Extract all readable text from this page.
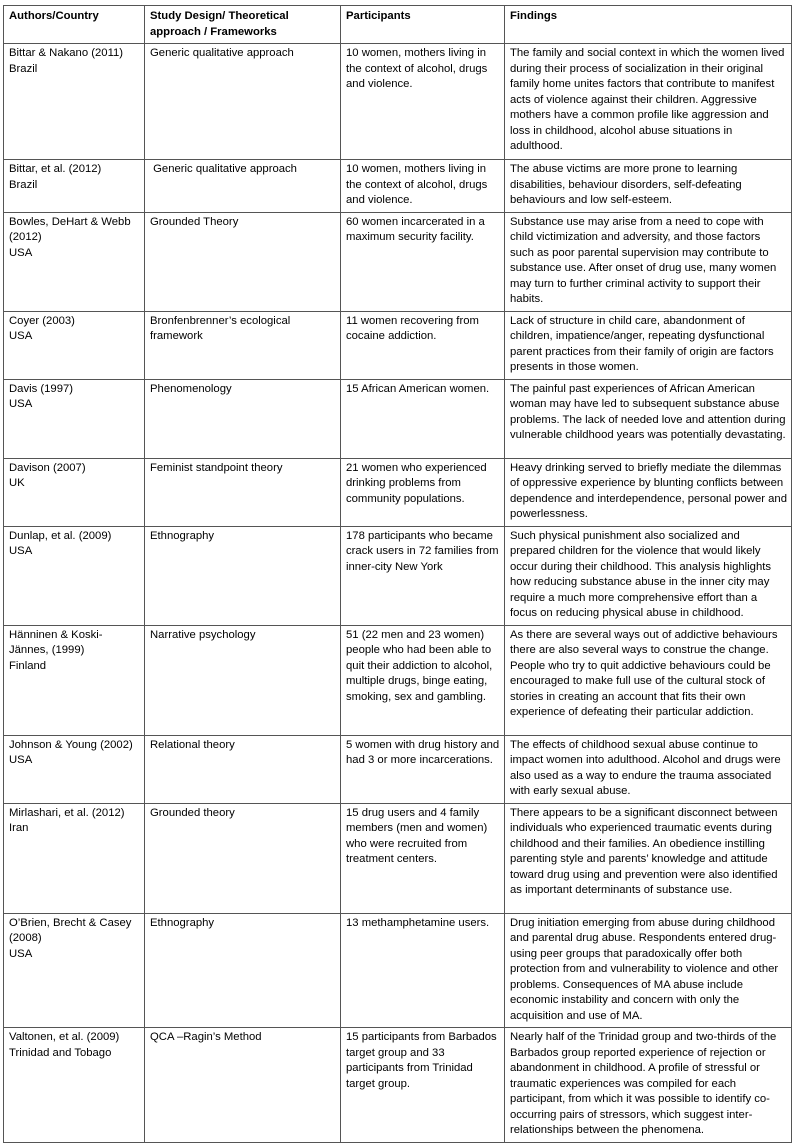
Authors/Country	Study Design/ Theoretical approach / Frameworks	Participants	Findings

Bittar & Nakano (2011)
Brazil	Generic qualitative approach	10 women, mothers living in the context of alcohol, drugs and violence.	The family and social context in which the women lived during their process of socialization in their original family home unites factors that contribute to manifest acts of violence against their children. Aggressive mothers have a common profile like aggression and loss in childhood, alcohol abuse situations in adulthood.

Bittar, et al. (2012)
Brazil	Generic qualitative approach	10 women, mothers living in the context of alcohol, drugs and violence.	The abuse victims are more prone to learning disabilities, behaviour disorders, self-defeating behaviours and low self-esteem.

Bowles, DeHart & Webb (2012)
USA	Grounded Theory	60 women incarcerated in a maximum security facility.	Substance use may arise from a need to cope with child victimization and adversity, and those factors such as poor parental supervision may contribute to substance use. After onset of drug use, many women may turn to further criminal activity to support their habits.

Coyer (2003)
USA	Bronfenbrenner’s ecological framework	11 women recovering from cocaine addiction.	Lack of structure in child care, abandonment of children, impatience/anger, repeating dysfunctional parent practices from their family of origin are factors presents in those women.

Davis (1997)
USA	Phenomenology	15 African American women.	The painful past experiences of African American woman may have led to subsequent substance abuse problems. The lack of needed love and attention during vulnerable childhood years was potentially devastating.

Davison (2007)
UK	Feminist standpoint theory	21 women who experienced drinking problems from community populations.	Heavy drinking served to briefly mediate the dilemmas of oppressive experience by blunting conflicts between dependence and interdependence, personal power and powerlessness.

Dunlap, et al. (2009)
USA	Ethnography	178 participants who became crack users in 72 families from inner-city New York	Such physical punishment also socialized and prepared children for the violence that would likely occur during their childhood. This analysis highlights how reducing substance abuse in the inner city may require a much more comprehensive effort than a focus on reducing physical abuse in childhood.

Hänninen & Koski-Jännes, (1999)
Finland	Narrative psychology	51 (22 men and 23 women) people who had been able to quit their addiction to alcohol, multiple drugs, binge eating, smoking, sex and gambling.	As there are several ways out of addictive behaviours there are also several ways to construe the change. People who try to quit addictive behaviours could be encouraged to make full use of the cultural stock of stories in creating an account that fits their own experience of defeating their particular addiction.

Johnson & Young (2002)
USA	Relational theory	5 women with drug history and had 3 or more incarcerations.	The effects of childhood sexual abuse continue to impact women into adulthood. Alcohol and drugs were also used as a way to endure the trauma associated with early sexual abuse.

Mirlashari, et al. (2012)
Iran	Grounded theory	15 drug users and 4 family members (men and women) who were recruited from treatment centers.	There appears to be a significant disconnect between individuals who experienced traumatic events during childhood and their families. An obedience instilling parenting style and parents’ knowledge and attitude toward drug using and prevention were also identified as important determinants of substance use.

O’Brien, Brecht & Casey (2008)
USA	Ethnography	13 methamphetamine users.	Drug initiation emerging from abuse during childhood and parental drug abuse. Respondents entered drug-using peer groups that paradoxically offer both protection from and vulnerability to violence and other problems. Consequences of MA abuse include economic instability and concern with only the acquisition and use of MA.

Valtonen, et al. (2009)
Trinidad and Tobago	QCA –Ragin’s Method	15 participants from Barbados target group and 33 participants from Trinidad target group.	Nearly half of the Trinidad group and two-thirds of the Barbados group reported experience of rejection or abandonment in childhood. A profile of stressful or traumatic experiences was compiled for each participant, from which it was possible to identify co-occurring pairs of stressors, which suggest inter-relationships between the phenomena.
